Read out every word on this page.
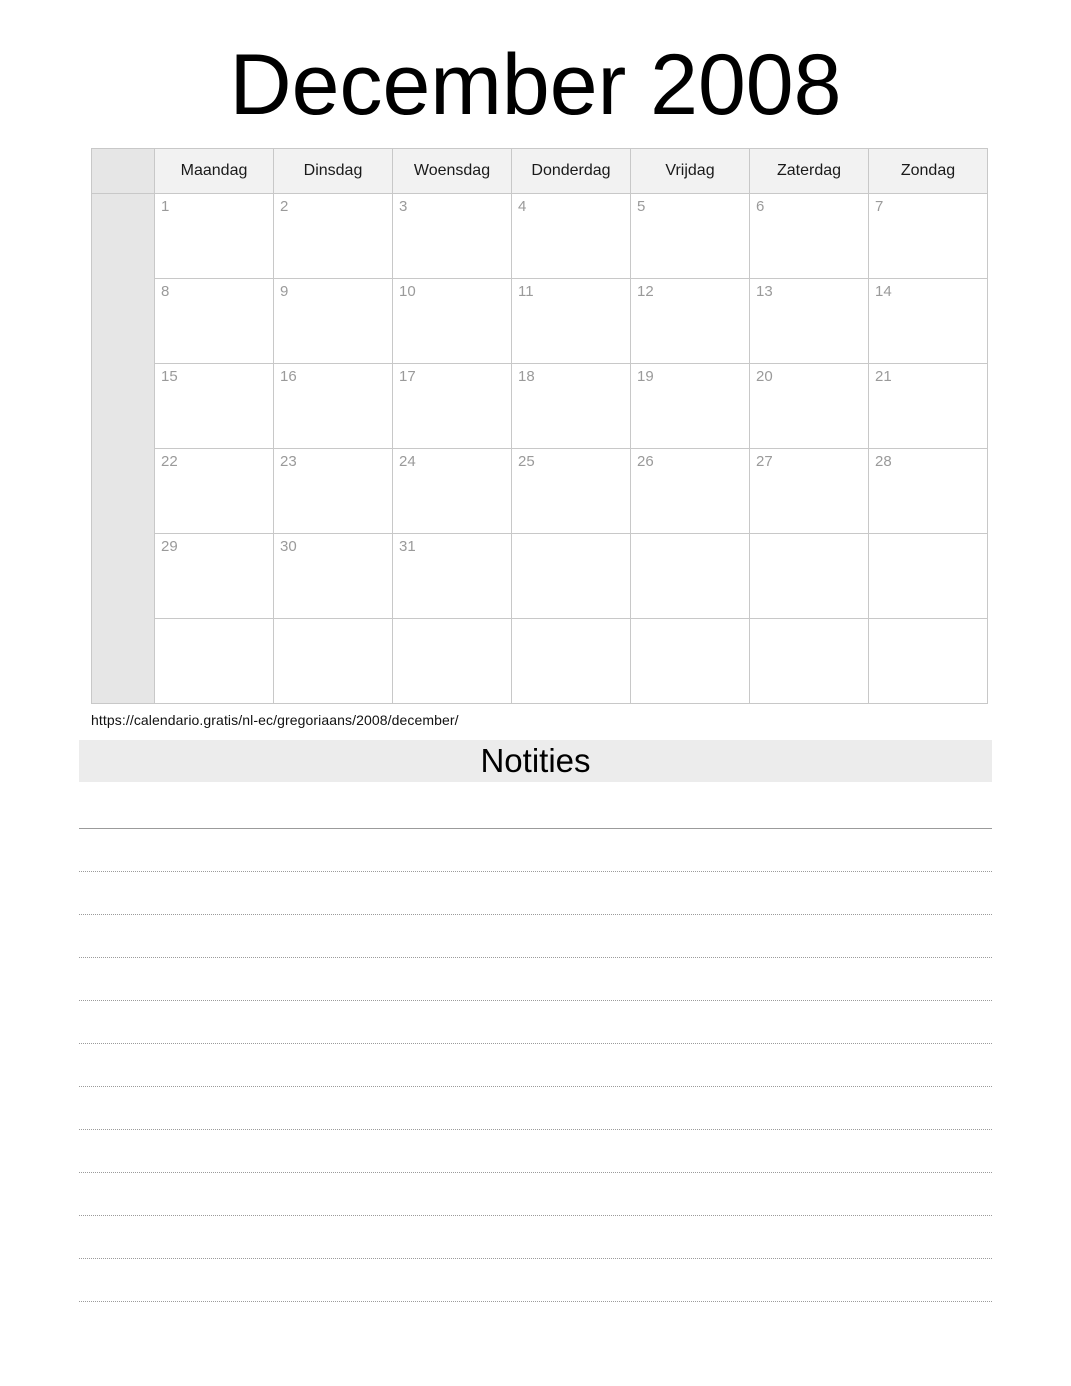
December 2008
	Maandag	Dinsdag	Woensdag	Donderdag	Vrijdag	Zaterdag	Zondag

	1	2	3	4	5	6	7

	8	9	10	11	12	13	14

	15	16	17	18	19	20	21

	22	23	24	25	26	27	28

	29	30	31				

https://calendario.gratis/nl-ec/gregoriaans/2008/december/
Notities
